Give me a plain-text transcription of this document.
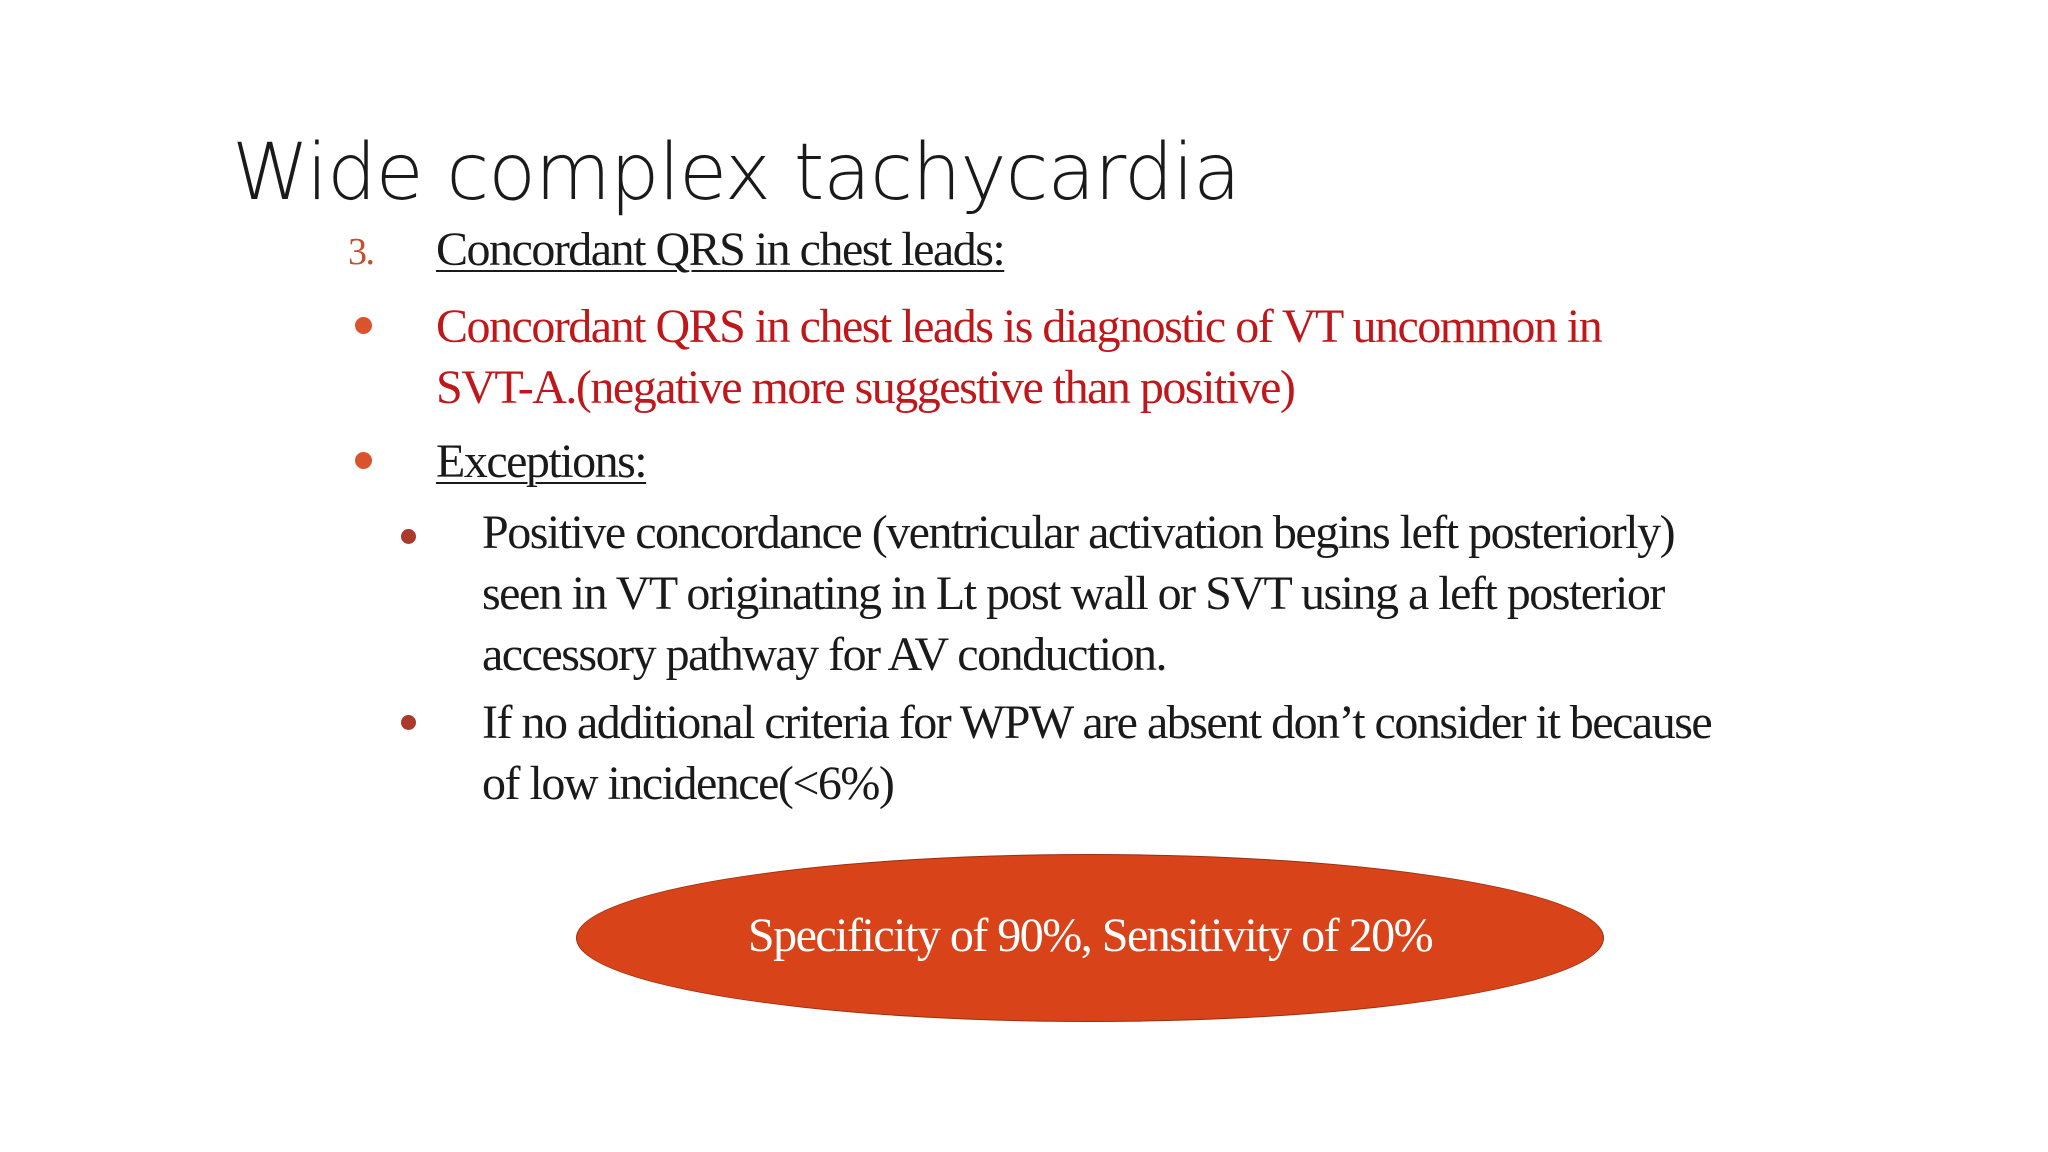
Wide complex tachycardia
3. Concordant QRS in chest leads:

Concordant QRS in chest leads is diagnostic of VT uncommon in SVT-A.(negative more suggestive than positive)

Exceptions:

Positive concordance (ventricular activation begins left posteriorly) seen in VT originating in Lt post wall or SVT using a left posterior accessory pathway for AV conduction.

If no additional criteria for WPW are absent don’t consider it because of low incidence(<6%)

Specificity of 90%, Sensitivity of 20%
